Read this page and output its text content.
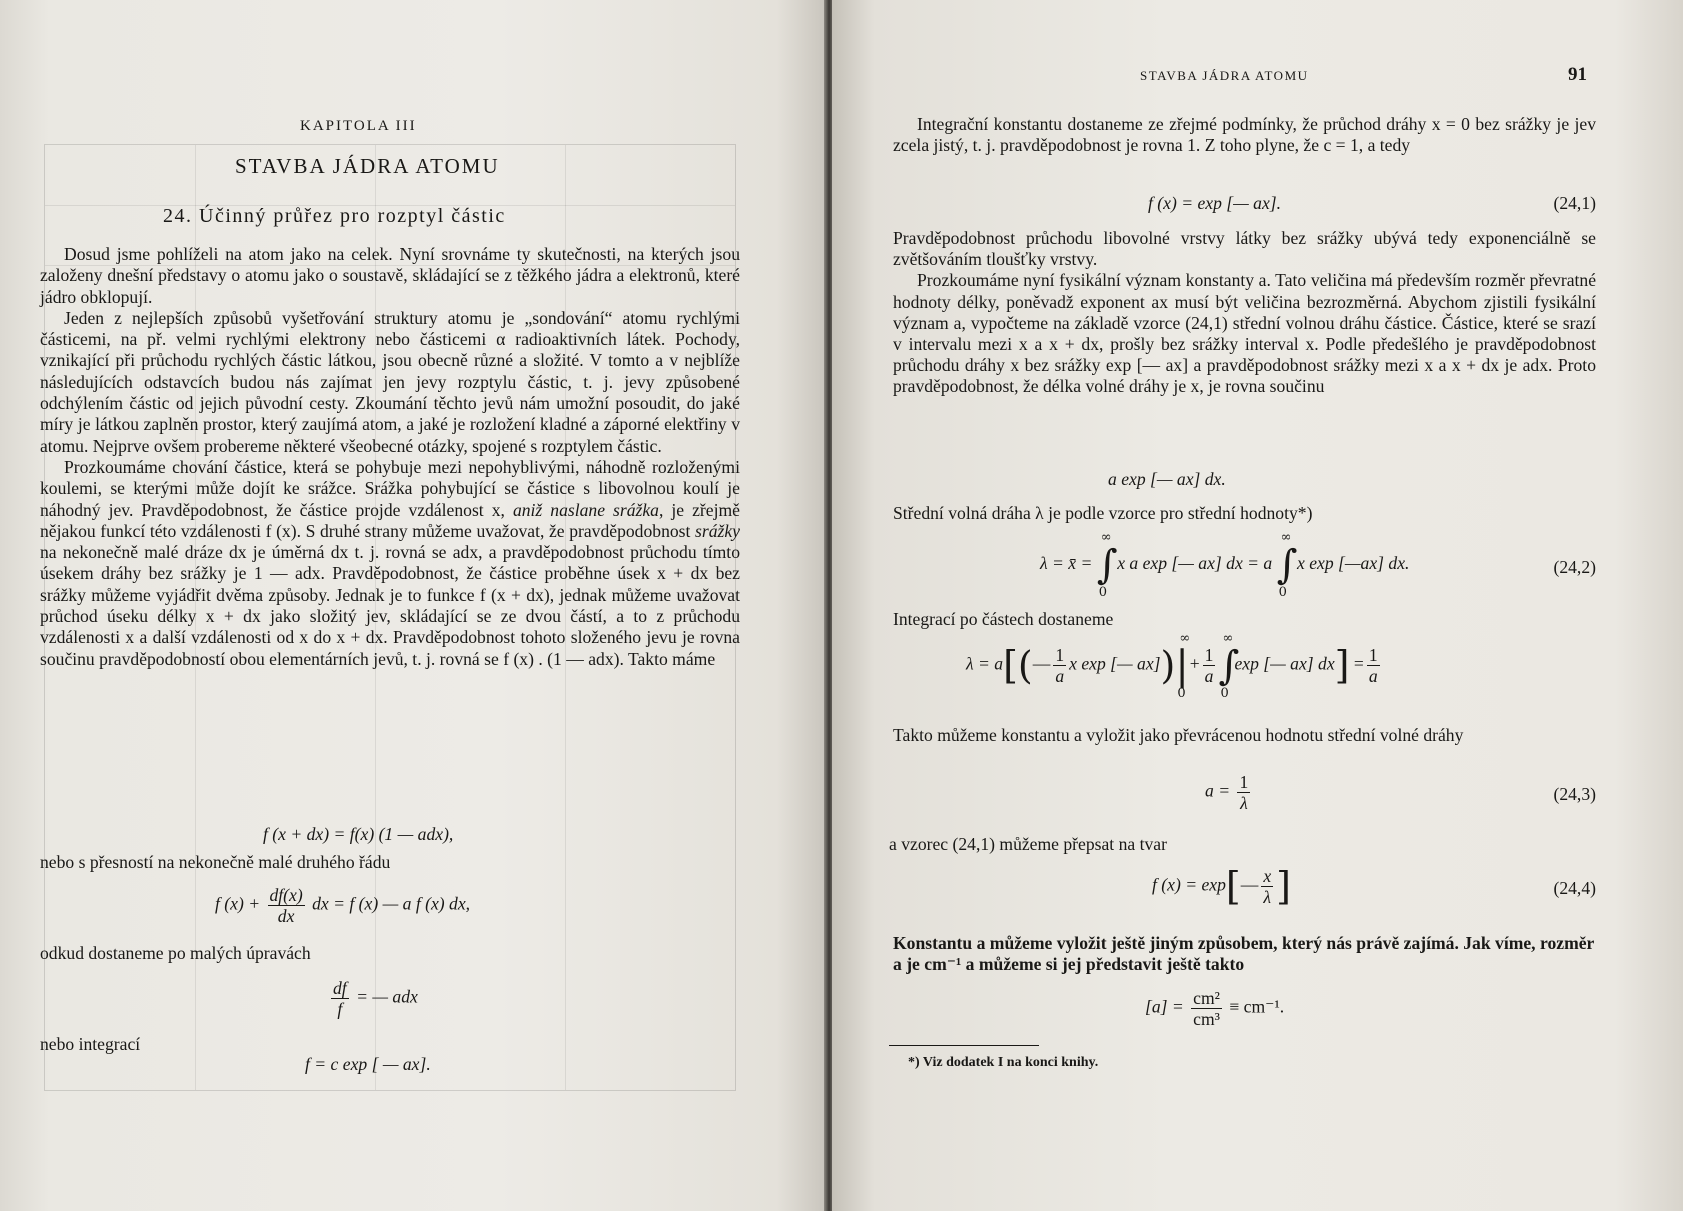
KAPITOLA III
STAVBA JÁDRA ATOMU
24. Účinný průřez pro rozptyl částic
Dosud jsme pohlíželi na atom jako na celek. Nyní srovnáme ty skutečnosti, na kterých jsou založeny dnešní představy o atomu jako o soustavě, skládající se z těžkého jádra a elektronů, které jádro obklopují.
Jeden z nejlepších způsobů vyšetřování struktury atomu je „sondování“ atomu rychlými částicemi, na př. velmi rychlými elektrony nebo částicemi α radioaktivních látek. Pochody, vznikající při průchodu rychlých částic látkou, jsou obecně různé a složité. V tomto a v nejblíže následujících odstavcích budou nás zajímat jen jevy rozptylu částic, t. j. jevy způsobené odchýlením částic od jejich původní cesty. Zkoumání těchto jevů nám umožní posoudit, do jaké míry je látkou zaplněn prostor, který zaujímá atom, a jaké je rozložení kladné a záporné elektřiny v atomu. Nejprve ovšem probereme některé všeobecné otázky, spojené s rozptylem částic.
Prozkoumáme chování částice, která se pohybuje mezi nepohyblivými, náhodně rozloženými koulemi, se kterými může dojít ke srážce. Srážka pohybující se částice s libovolnou koulí je náhodný jev. Pravděpodobnost, že částice projde vzdálenost x, aniž naslane srážka, je zřejmě nějakou funkcí této vzdálenosti f (x). S druhé strany můžeme uvažovat, že pravděpodobnost srážky na nekonečně malé dráze dx je úměrná dx t. j. rovná se adx, a pravděpodobnost průchodu tímto úsekem dráhy bez srážky je 1 — adx. Pravděpodobnost, že částice proběhne úsek x + dx bez srážky můžeme vyjádřit dvěma způsoby. Jednak je to funkce f (x + dx), jednak můžeme uvažovat průchod úseku délky x + dx jako složitý jev, skládající se ze dvou částí, a to z průchodu vzdálenosti x a další vzdálenosti od x do x + dx. Pravděpodobnost tohoto složeného jevu je rovna součinu pravděpodobností obou elementárních jevů, t. j. rovná se f (x) . (1 — adx). Takto máme
f (x + dx) = f(x) (1 — adx),
nebo s přesností na nekonečně malé druhého řádu
f $(x) + \frac{df(x)}{dx}$ dx = f (x) — a f (x) dx,
odkud dostaneme po malých úpravách
$\frac{df}{f}$ = — adx
nebo integrací
f = c exp [ — ax].
STAVBA JÁDRA ATOMU	91
Integrační konstantu dostaneme ze zřejmé podmínky, že průchod dráhy x = 0 bez srážky je jev zcela jistý, t. j. pravděpodobnost je rovna 1. Z toho plyne, že c = 1, a tedy
f (x) = exp [— ax].	(24,1)
Pravděpodobnost průchodu libovolné vrstvy látky bez srážky ubývá tedy exponenciálně se zvětšováním tloušťky vrstvy.
Prozkoumáme nyní fysikální význam konstanty a. Tato veličina má především rozměr převratné hodnoty délky, poněvadž exponent ax musí být veličina bezrozměrná. Abychom zjistili fysikální význam a, vypočteme na základě vzorce (24,1) střední volnou dráhu částice. Částice, které se srazí v intervalu mezi x a x + dx, prošly bez srážky interval x. Podle předešlého je pravděpodobnost průchodu dráhy x bez srážky exp [— ax] a pravděpodobnost srážky mezi x a x + dx je adx. Proto pravděpodobnost, že délka volné dráhy je x, je rovna součinu
a exp [— ax] dx.
Střední volná dráha λ je podle vzorce pro střední hodnoty*)
λ = x̄ = ∫
∞
0
x a exp [— ax] dx = a ∫
∞
0
x exp [—ax] dx.	(24,2)
Integrací po částech dostaneme
λ = a[(— $\frac{1}{a}$ x exp [— ax])|
∞
0
+ $\frac{1}{a}$ ∫
∞
0
exp [— ax] $dx] = \frac{1}{a}$
Takto můžeme konstantu a vyložit jako převrácenou hodnotu střední volné dráhy
$a = \frac{1}{\lambda}$	(24,3)
a vzorec (24,1) můžeme přepsat na tvar
f (x) = exp[— $\frac{x}{\lambda}$ ]	(24,4)
Konstantu a můžeme vyložit ještě jiným způsobem, který nás právě zajímá. Jak víme, rozměr a je cm⁻¹ a můžeme si jej představit ještě takto
$[a] = \frac{\text{cm²}}{\text{cm³}} \equiv cm^{-1}$.
*) Viz dodatek I na konci knihy.
